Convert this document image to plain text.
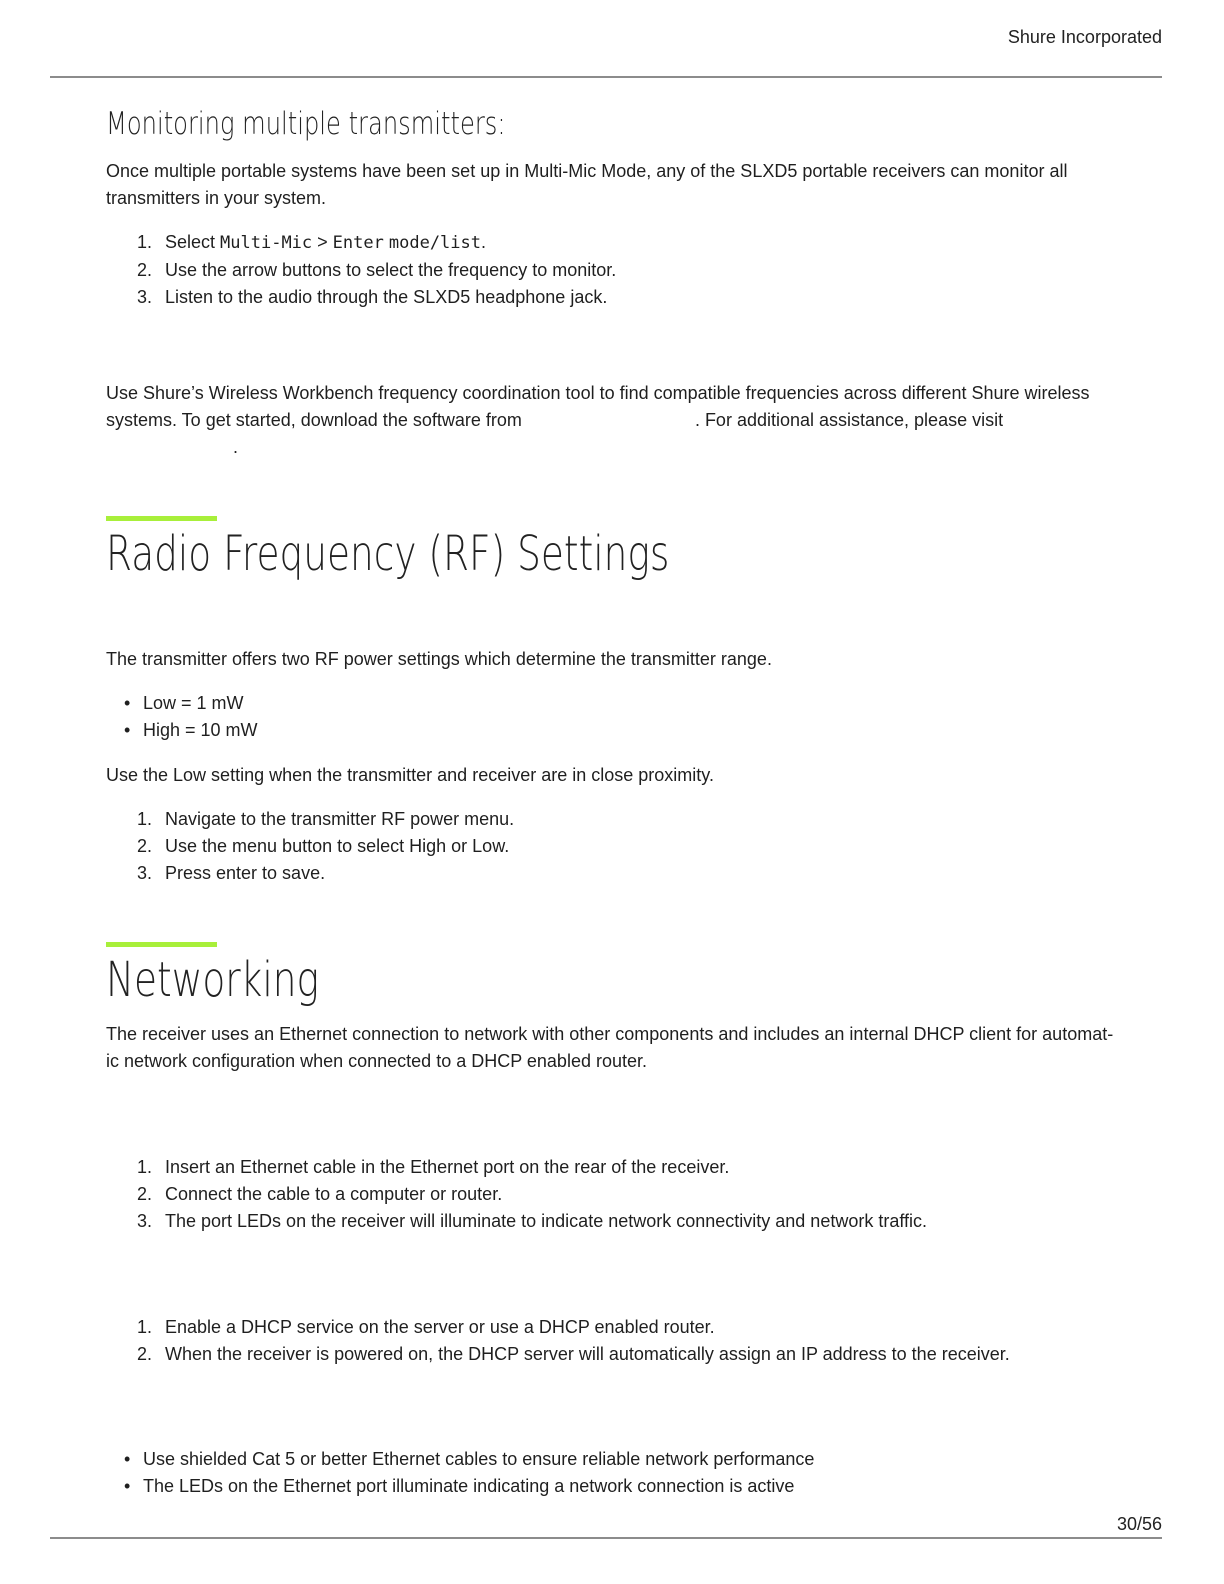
Shure Incorporated
Monitoring multiple transmitters:

Once multiple portable systems have been set up in Multi-Mic Mode, any of the SLXD5 portable receivers can monitor all transmitters in your system.

1. Select Multi-Mic > Enter mode/list.
2. Use the arrow buttons to select the frequency to monitor.
3. Listen to the audio through the SLXD5 headphone jack.

Use Shure’s Wireless Workbench frequency coordination tool to find compatible frequencies across different Shure wireless systems. To get started, download the software from www.shure.com/wwb. For additional assistance, please visit
www.shure.com.

Radio Frequency (RF) Settings

The transmitter offers two RF power settings which determine the transmitter range.

• Low = 1 mW
• High = 10 mW

Use the Low setting when the transmitter and receiver are in close proximity.

1. Navigate to the transmitter RF power menu.
2. Use the menu button to select High or Low.
3. Press enter to save.
Networking

The receiver uses an Ethernet connection to network with other components and includes an internal DHCP client for automat-
ic network configuration when connected to a DHCP enabled router.

1. Insert an Ethernet cable in the Ethernet port on the rear of the receiver.
2. Connect the cable to a computer or router.
3. The port LEDs on the receiver will illuminate to indicate network connectivity and network traffic.
1. Enable a DHCP service on the server or use a DHCP enabled router.
2. When the receiver is powered on, the DHCP server will automatically assign an IP address to the receiver.
• Use shielded Cat 5 or better Ethernet cables to ensure reliable network performance
• The LEDs on the Ethernet port illuminate indicating a network connection is active
30/56
